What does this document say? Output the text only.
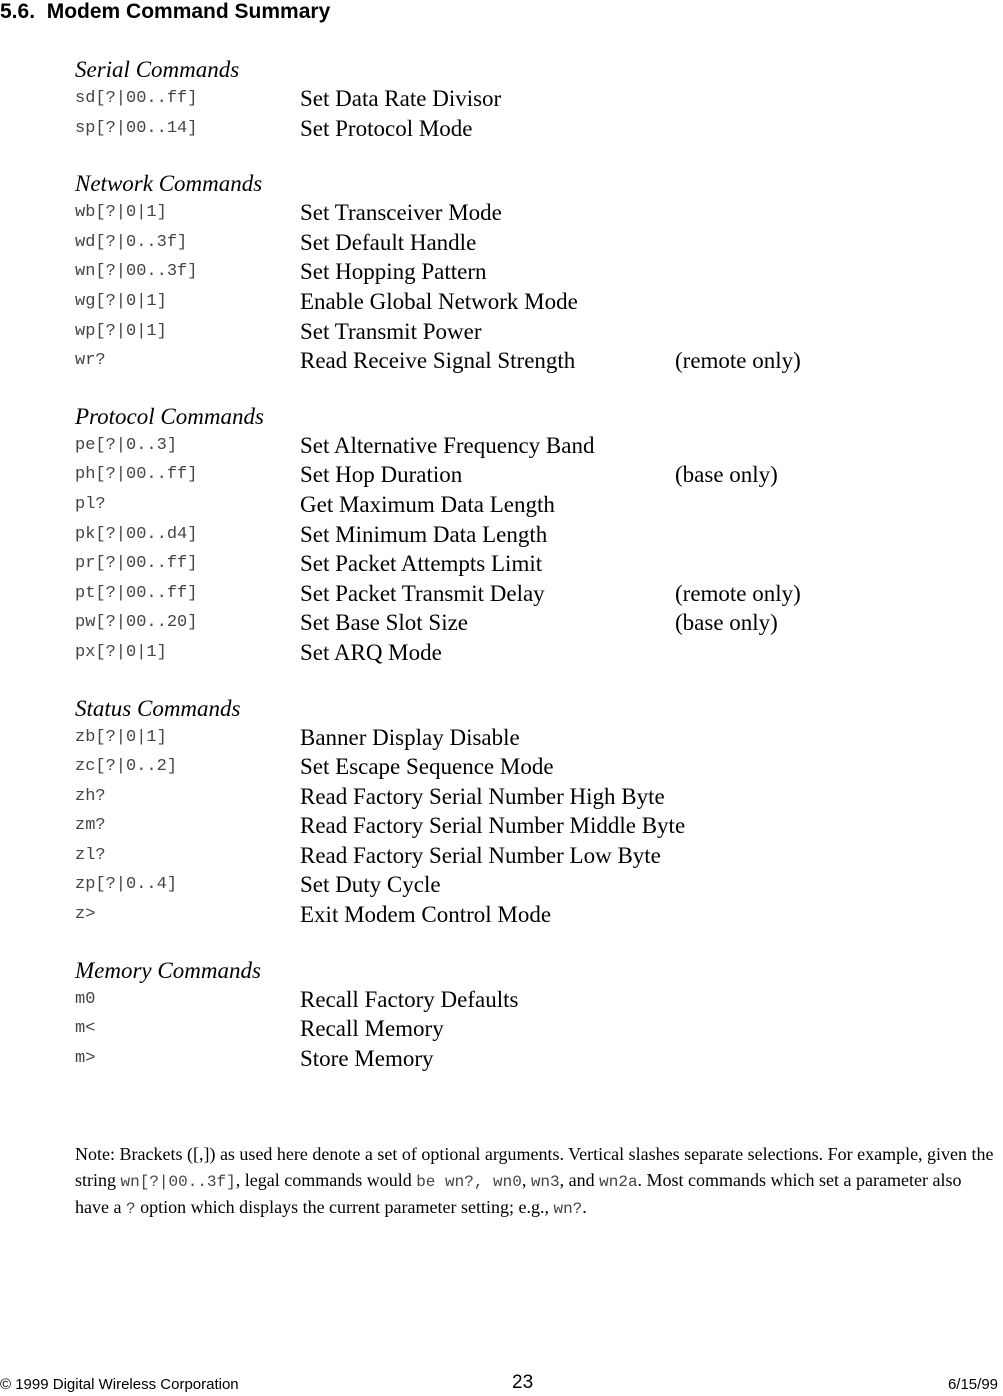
5.6.  Modem Command Summary
Serial Commands
sd[?|00..ff]	Set Data Rate Divisor
sp[?|00..14]	Set Protocol Mode
Network Commands
wb[?|0|1]	Set Transceiver Mode
wd[?|0..3f]	Set Default Handle
wn[?|00..3f]	Set Hopping Pattern
wg[?|0|1]	Enable Global Network Mode
wp[?|0|1]	Set Transmit Power
wr?	Read Receive Signal Strength	(remote only)
Protocol Commands
pe[?|0..3]	Set Alternative Frequency Band
ph[?|00..ff]	Set Hop Duration	(base only)
pl?	Get Maximum Data Length
pk[?|00..d4]	Set Minimum Data Length
pr[?|00..ff]	Set Packet Attempts Limit
pt[?|00..ff]	Set Packet Transmit Delay	(remote only)
pw[?|00..20]	Set Base Slot Size	(base only)
px[?|0|1]	Set ARQ Mode
Status Commands
zb[?|0|1]	Banner Display Disable
zc[?|0..2]	Set Escape Sequence Mode
zh?	Read Factory Serial Number High Byte
zm?	Read Factory Serial Number Middle Byte
zl?	Read Factory Serial Number Low Byte
zp[?|0..4]	Set Duty Cycle
z>	Exit Modem Control Mode
Memory Commands
m0	Recall Factory Defaults
m<	Recall Memory
m>	Store Memory
Note: Brackets ([,]) as used here denote a set of optional arguments. Vertical slashes separate selections. For example, given the string wn[?|00..3f], legal commands would be wn?, wn0, wn3, and wn2a. Most commands which set a parameter also have a ? option which displays the current parameter setting; e.g., wn?.
© 1999 Digital Wireless Corporation	23	6/15/99
